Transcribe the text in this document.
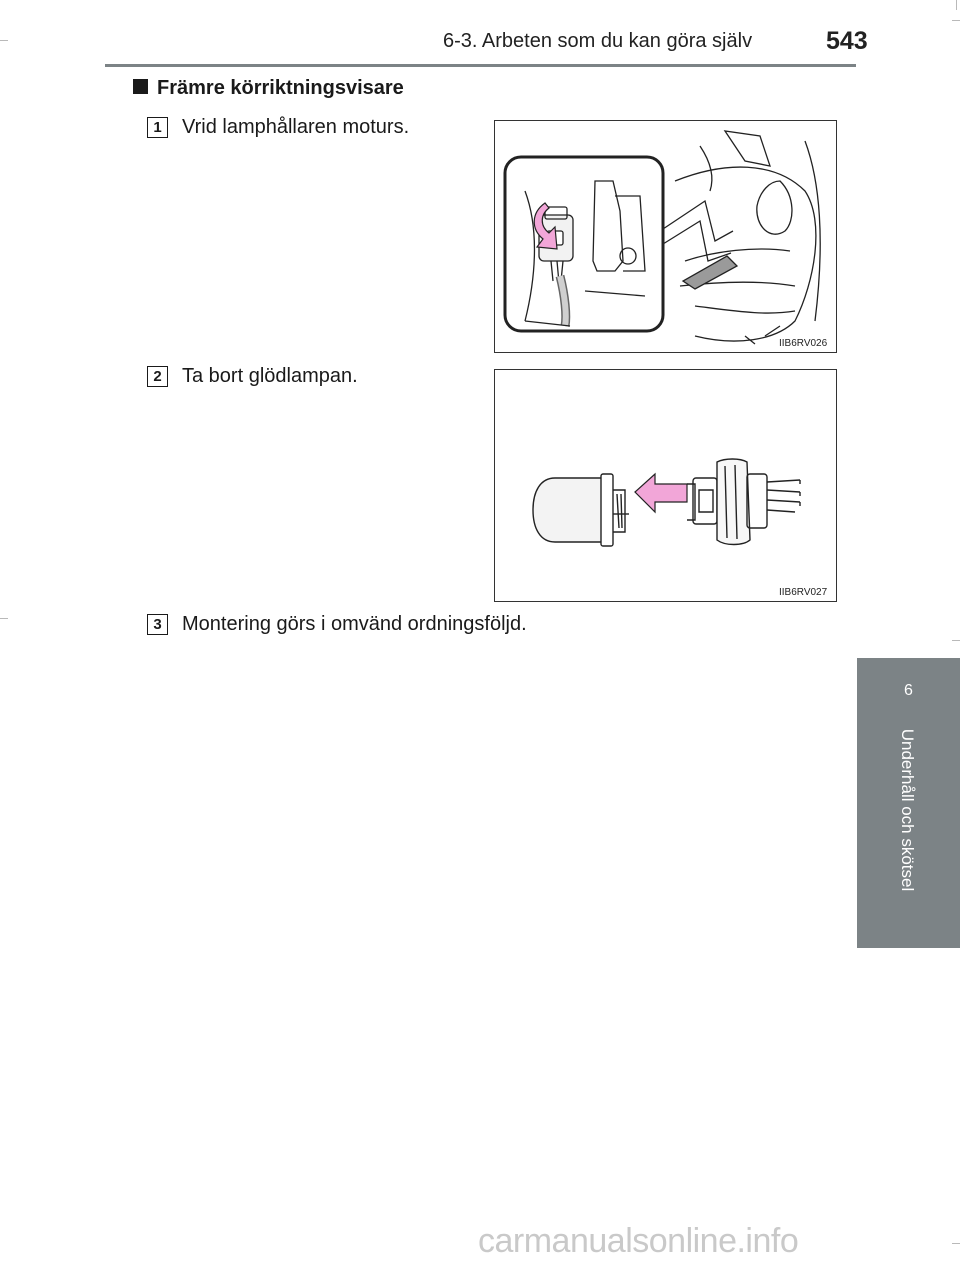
6-3. Arbeten som du kan göra själv	543
6
Underhåll och skötsel
Främre körriktningsvisare
1	Vrid lamphållaren moturs.
IIB6RV026
2	Ta bort glödlampan.
IIB6RV027
3	Montering görs i omvänd ordningsföljd.
carmanualsonline.info
